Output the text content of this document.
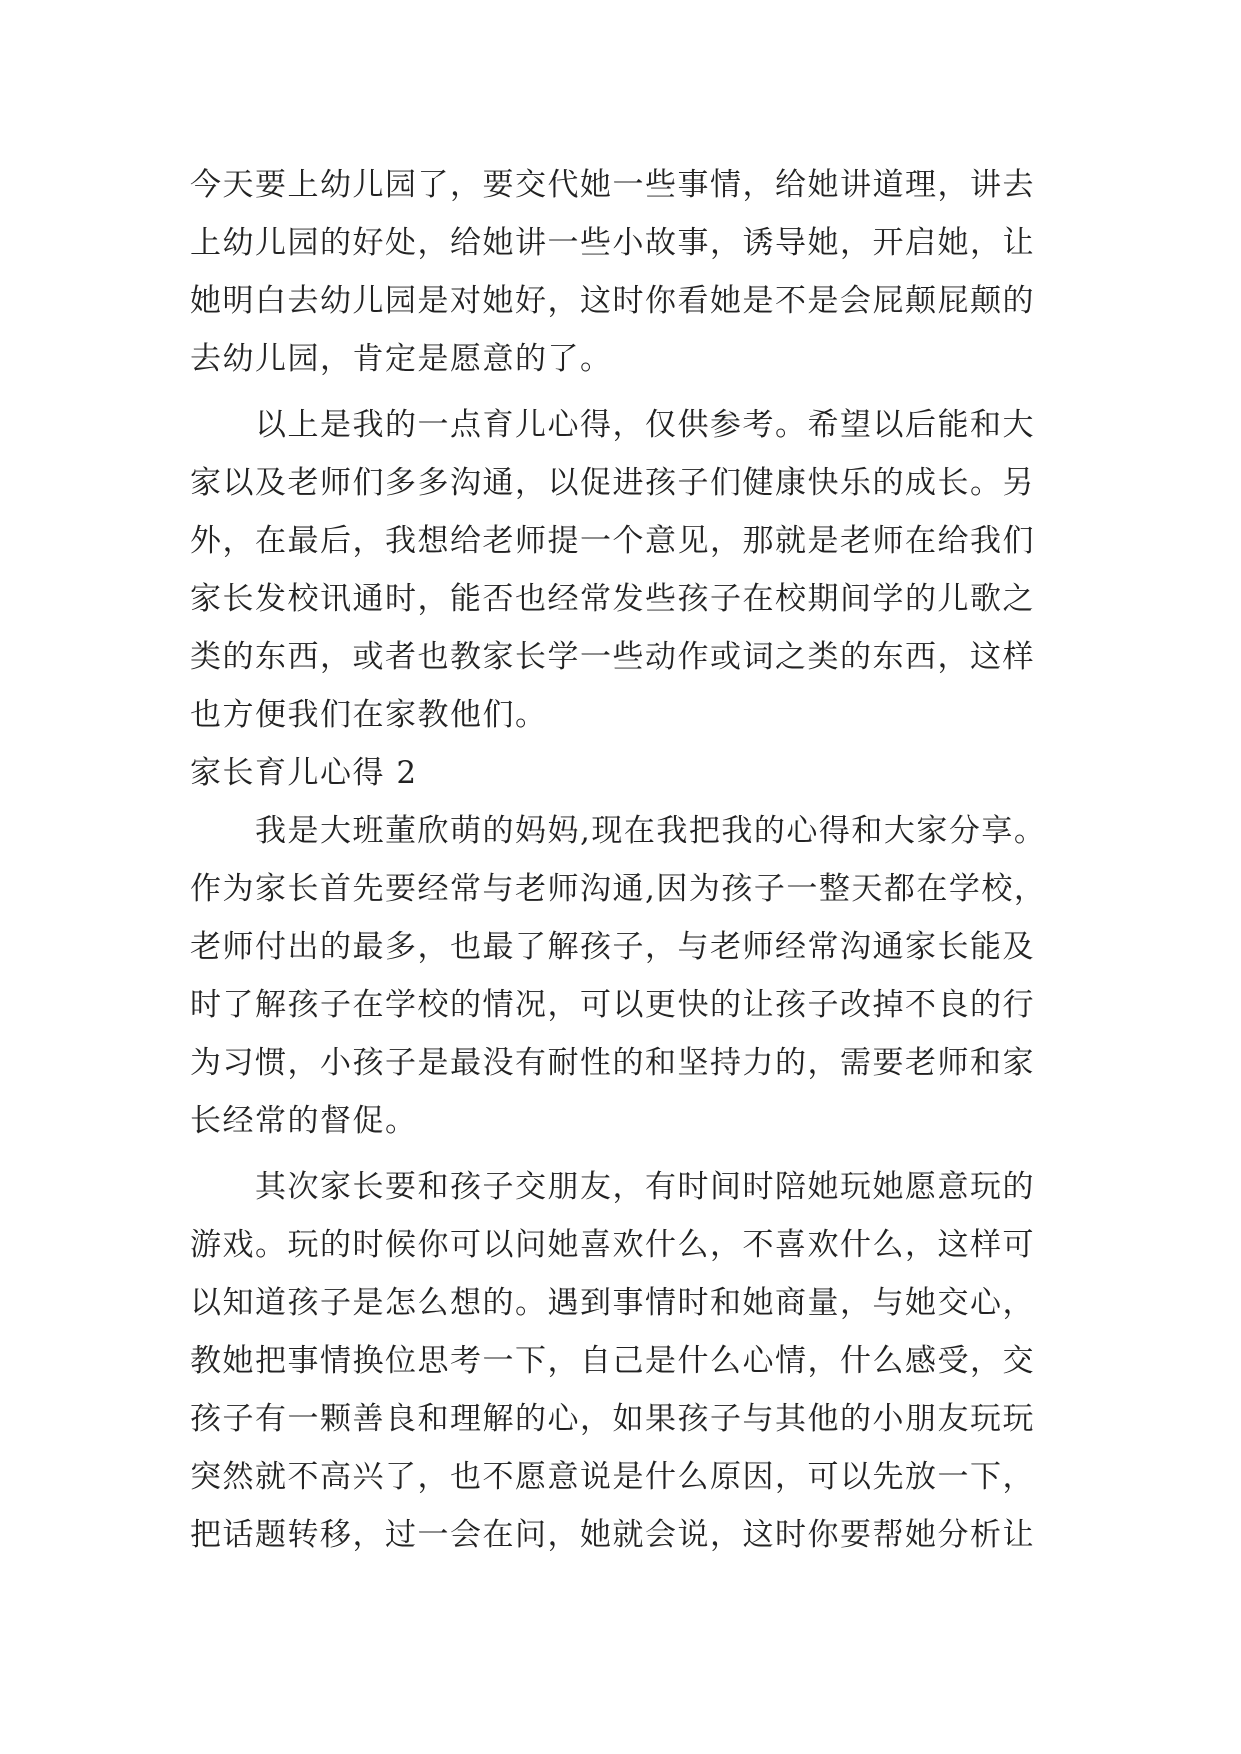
今天要上幼儿园了，要交代她一些事情，给她讲道理，讲去
上幼儿园的好处，给她讲一些小故事，诱导她，开启她，让
她明白去幼儿园是对她好，这时你看她是不是会屁颠屁颠的
去幼儿园，肯定是愿意的了。
　　以上是我的一点育儿心得，仅供参考。希望以后能和大
家以及老师们多多沟通，以促进孩子们健康快乐的成长。另
外，在最后，我想给老师提一个意见，那就是老师在给我们
家长发校讯通时，能否也经常发些孩子在校期间学的儿歌之
类的东西，或者也教家长学一些动作或词之类的东西，这样
也方便我们在家教他们。
家长育儿心得 2
　　我是大班董欣萌的妈妈,现在我把我的心得和大家分享。
作为家长首先要经常与老师沟通,因为孩子一整天都在学校，
老师付出的最多，也最了解孩子，与老师经常沟通家长能及
时了解孩子在学校的情况，可以更快的让孩子改掉不良的行
为习惯，小孩子是最没有耐性的和坚持力的，需要老师和家
长经常的督促。
　　其次家长要和孩子交朋友，有时间时陪她玩她愿意玩的
游戏。玩的时候你可以问她喜欢什么，不喜欢什么，这样可
以知道孩子是怎么想的。遇到事情时和她商量，与她交心，
教她把事情换位思考一下，自己是什么心情，什么感受，交
孩子有一颗善良和理解的心，如果孩子与其他的小朋友玩玩
突然就不高兴了，也不愿意说是什么原因，可以先放一下，
把话题转移，过一会在问，她就会说，这时你要帮她分析让
